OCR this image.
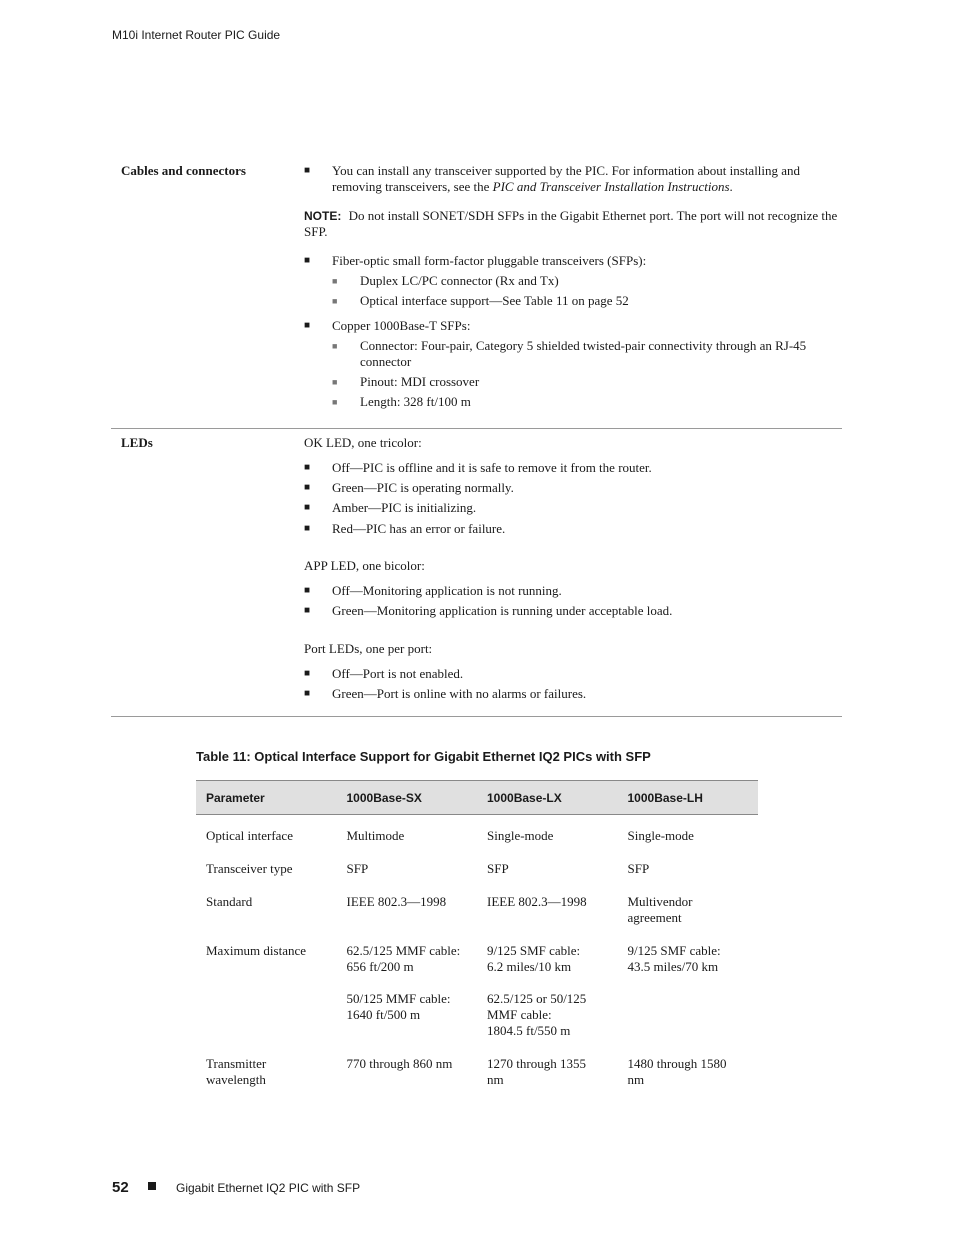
M10i Internet Router PIC Guide
Cables and connectors	■	You can install any transceiver supported by the PIC. For information about installing and removing transceivers, see the PIC and Transceiver Installation Instructions.
NOTE: Do not install SONET/SDH SFPs in the Gigabit Ethernet port. The port will not recognize the SFP.
■	Fiber-optic small form-factor pluggable transceivers (SFPs):
■	Duplex LC/PC connector (Rx and Tx)
■	Optical interface support—See Table 11 on page 52
■	Copper 1000Base-T SFPs:
■	Connector: Four-pair, Category 5 shielded twisted-pair connectivity through an RJ-45 connector
■	Pinout: MDI crossover
■	Length: 328 ft/100 m
LEDs	OK LED, one tricolor:
■	Off—PIC is offline and it is safe to remove it from the router.
■	Green—PIC is operating normally.
■	Amber—PIC is initializing.
■	Red—PIC has an error or failure.
APP LED, one bicolor:
■	Off—Monitoring application is not running.
■	Green—Monitoring application is running under acceptable load.
Port LEDs, one per port:
■	Off—Port is not enabled.
■	Green—Port is online with no alarms or failures.
Table 11: Optical Interface Support for Gigabit Ethernet IQ2 PICs with SFP
Parameter	1000Base-SX	1000Base-LX	1000Base-LH

Optical interface	Multimode	Single-mode	Single-mode

Transceiver type	SFP	SFP	SFP

Standard	IEEE 802.3—1998	IEEE 802.3—1998	Multivendor
agreement

Maximum distance	62.5/125 MMF cable:
656 ft/200 m
50/125 MMF cable:
1640 ft/500 m	9/125 SMF cable:
6.2 miles/10 km
62.5/125 or 50/125
MMF cable:
1804.5 ft/550 m	9/125 SMF cable:
43.5 miles/70 km

Transmitter
wavelength	770 through 860 nm	1270 through 1355
nm	1480 through 1580
nm
52	Gigabit Ethernet IQ2 PIC with SFP
